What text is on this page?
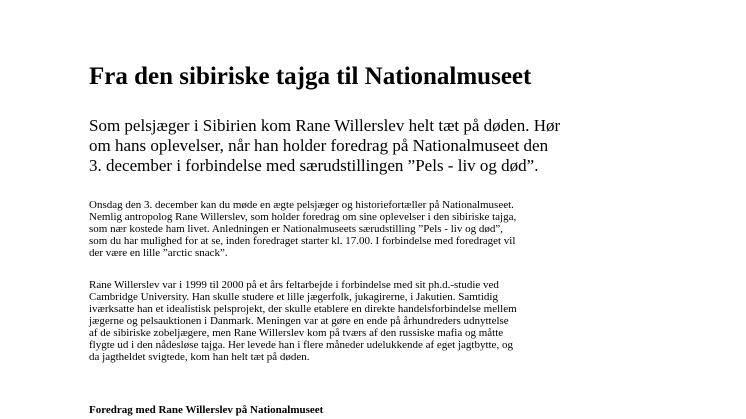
Fra den sibiriske tajga til Nationalmuseet

Som pelsjæger i Sibirien kom Rane Willerslev helt tæt på døden. Hør
om hans oplevelser, når han holder foredrag på Nationalmuseet den
3. december i forbindelse med særudstillingen ”Pels - liv og død”.

Onsdag den 3. december kan du møde en ægte pelsjæger og historiefortæller på Nationalmuseet.
Nemlig antropolog Rane Willerslev, som holder foredrag om sine oplevelser i den sibiriske tajga,
som nær kostede ham livet. Anledningen er Nationalmuseets særudstilling ”Pels - liv og død”,
som du har mulighed for at se, inden foredraget starter kl. 17.00. I forbindelse med foredraget vil
der være en lille ”arctic snack”.

Rane Willerslev var i 1999 til 2000 på et års feltarbejde i forbindelse med sit ph.d.-studie ved
Cambridge University. Han skulle studere et lille jægerfolk, jukagirerne, i Jakutien. Samtidig
iværksatte han et idealistisk pelsprojekt, der skulle etablere en direkte handelsforbindelse mellem
jægerne og pelsauktionen i Danmark. Meningen var at gøre en ende på århundreders udnyttelse
af de sibiriske zobeljægere, men Rane Willerslev kom på tværs af den russiske mafia og måtte
flygte ud i den nådesløse tajga. Her levede han i flere måneder udelukkende af eget jagtbytte, og
da jagtheldet svigtede, kom han helt tæt på døden.

Foredrag med Rane Willerslev på Nationalmuseet
